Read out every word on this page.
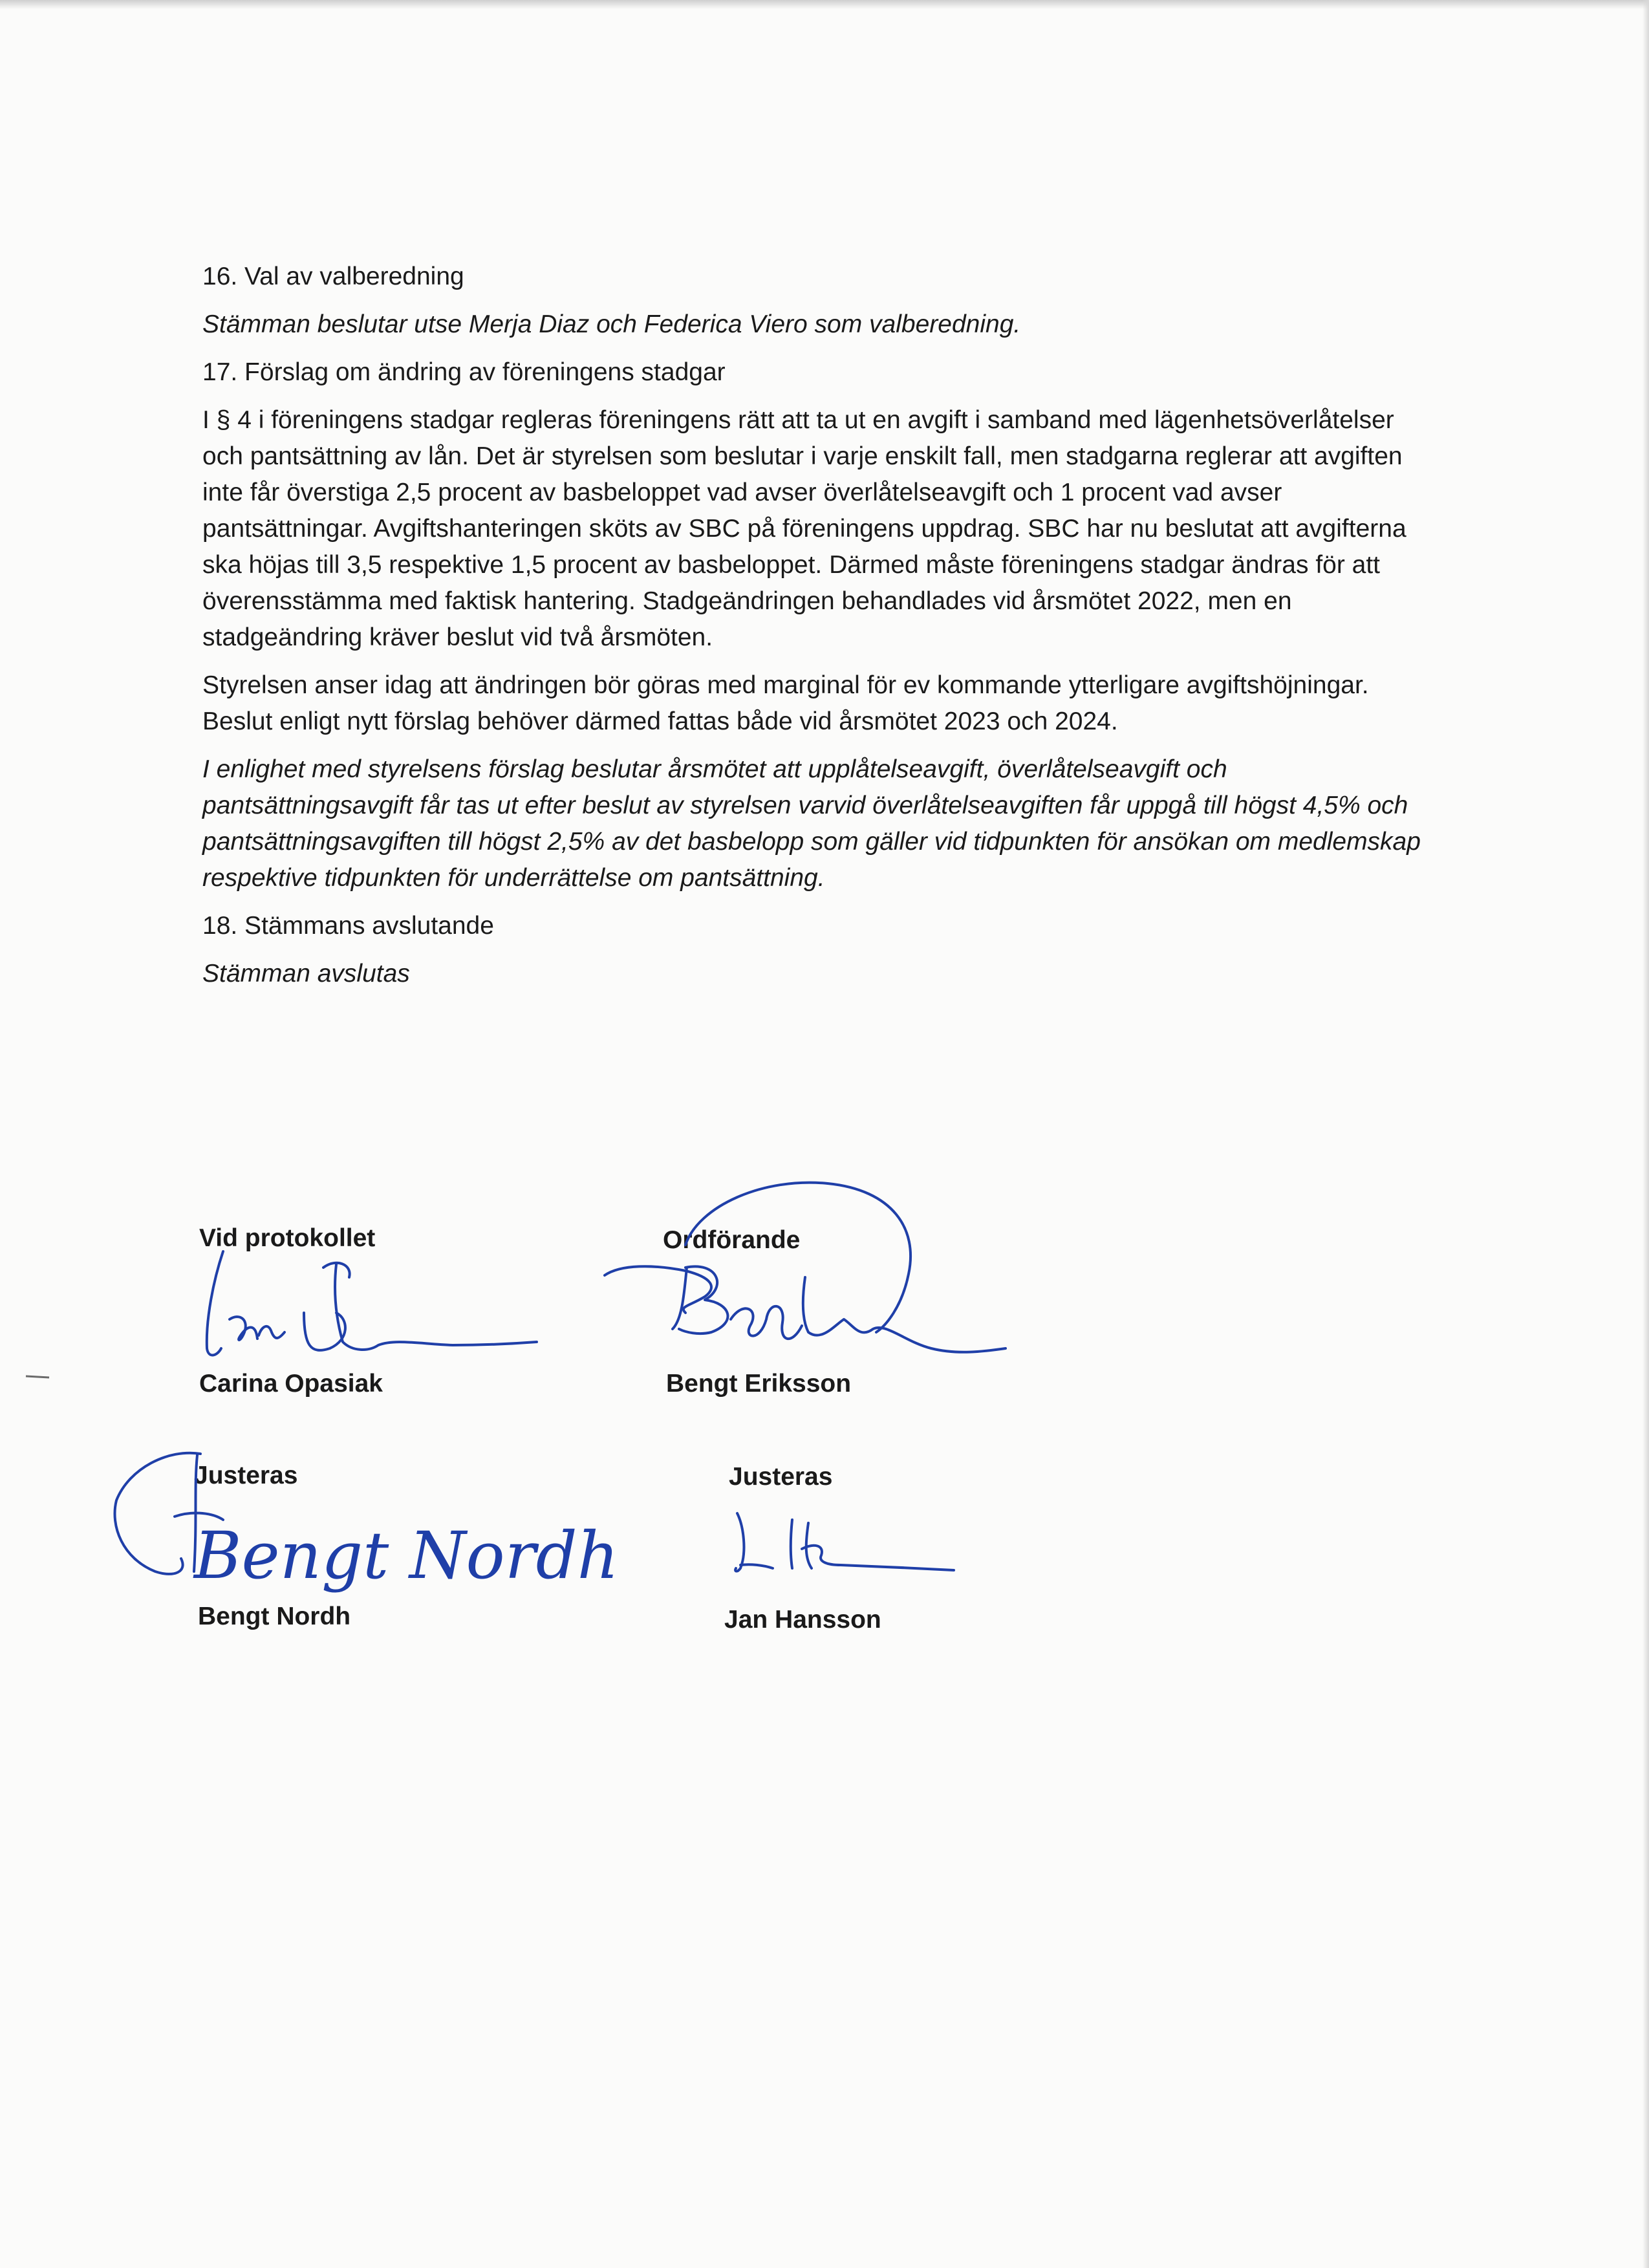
16. Val av valberedning

Stämman beslutar utse Merja Diaz och Federica Viero som valberedning.

17. Förslag om ändring av föreningens stadgar

I § 4 i föreningens stadgar regleras föreningens rätt att ta ut en avgift i samband med lägenhetsöverlåtelser och pantsättning av lån. Det är styrelsen som beslutar i varje enskilt fall, men stadgarna reglerar att avgiften inte får överstiga 2,5 procent av basbeloppet vad avser överlåtelseavgift och 1 procent vad avser pantsättningar. Avgiftshanteringen sköts av SBC på föreningens uppdrag. SBC har nu beslutat att avgifterna ska höjas till 3,5 respektive 1,5 procent av basbeloppet. Därmed måste föreningens stadgar ändras för att överensstämma med faktisk hantering. Stadgeändringen behandlades vid årsmötet 2022, men en stadgeändring kräver beslut vid två årsmöten.

Styrelsen anser idag att ändringen bör göras med marginal för ev kommande ytterligare avgiftshöjningar. Beslut enligt nytt förslag behöver därmed fattas både vid årsmötet 2023 och 2024.

I enlighet med styrelsens förslag beslutar årsmötet att upplåtelseavgift, överlåtelseavgift och pantsättningsavgift får tas ut efter beslut av styrelsen varvid överlåtelseavgiften får uppgå till högst 4,5% och pantsättningsavgiften till högst 2,5% av det basbelopp som gäller vid tidpunkten för ansökan om medlemskap respektive tidpunkten för underrättelse om pantsättning.

18. Stämmans avslutande

Stämman avslutas

Vid protokollet
Carina Opasiak
Ordförande
Bengt Eriksson
Justeras
Bengt Nordh
Bengt Nordh
Justeras
Jan Hansson
